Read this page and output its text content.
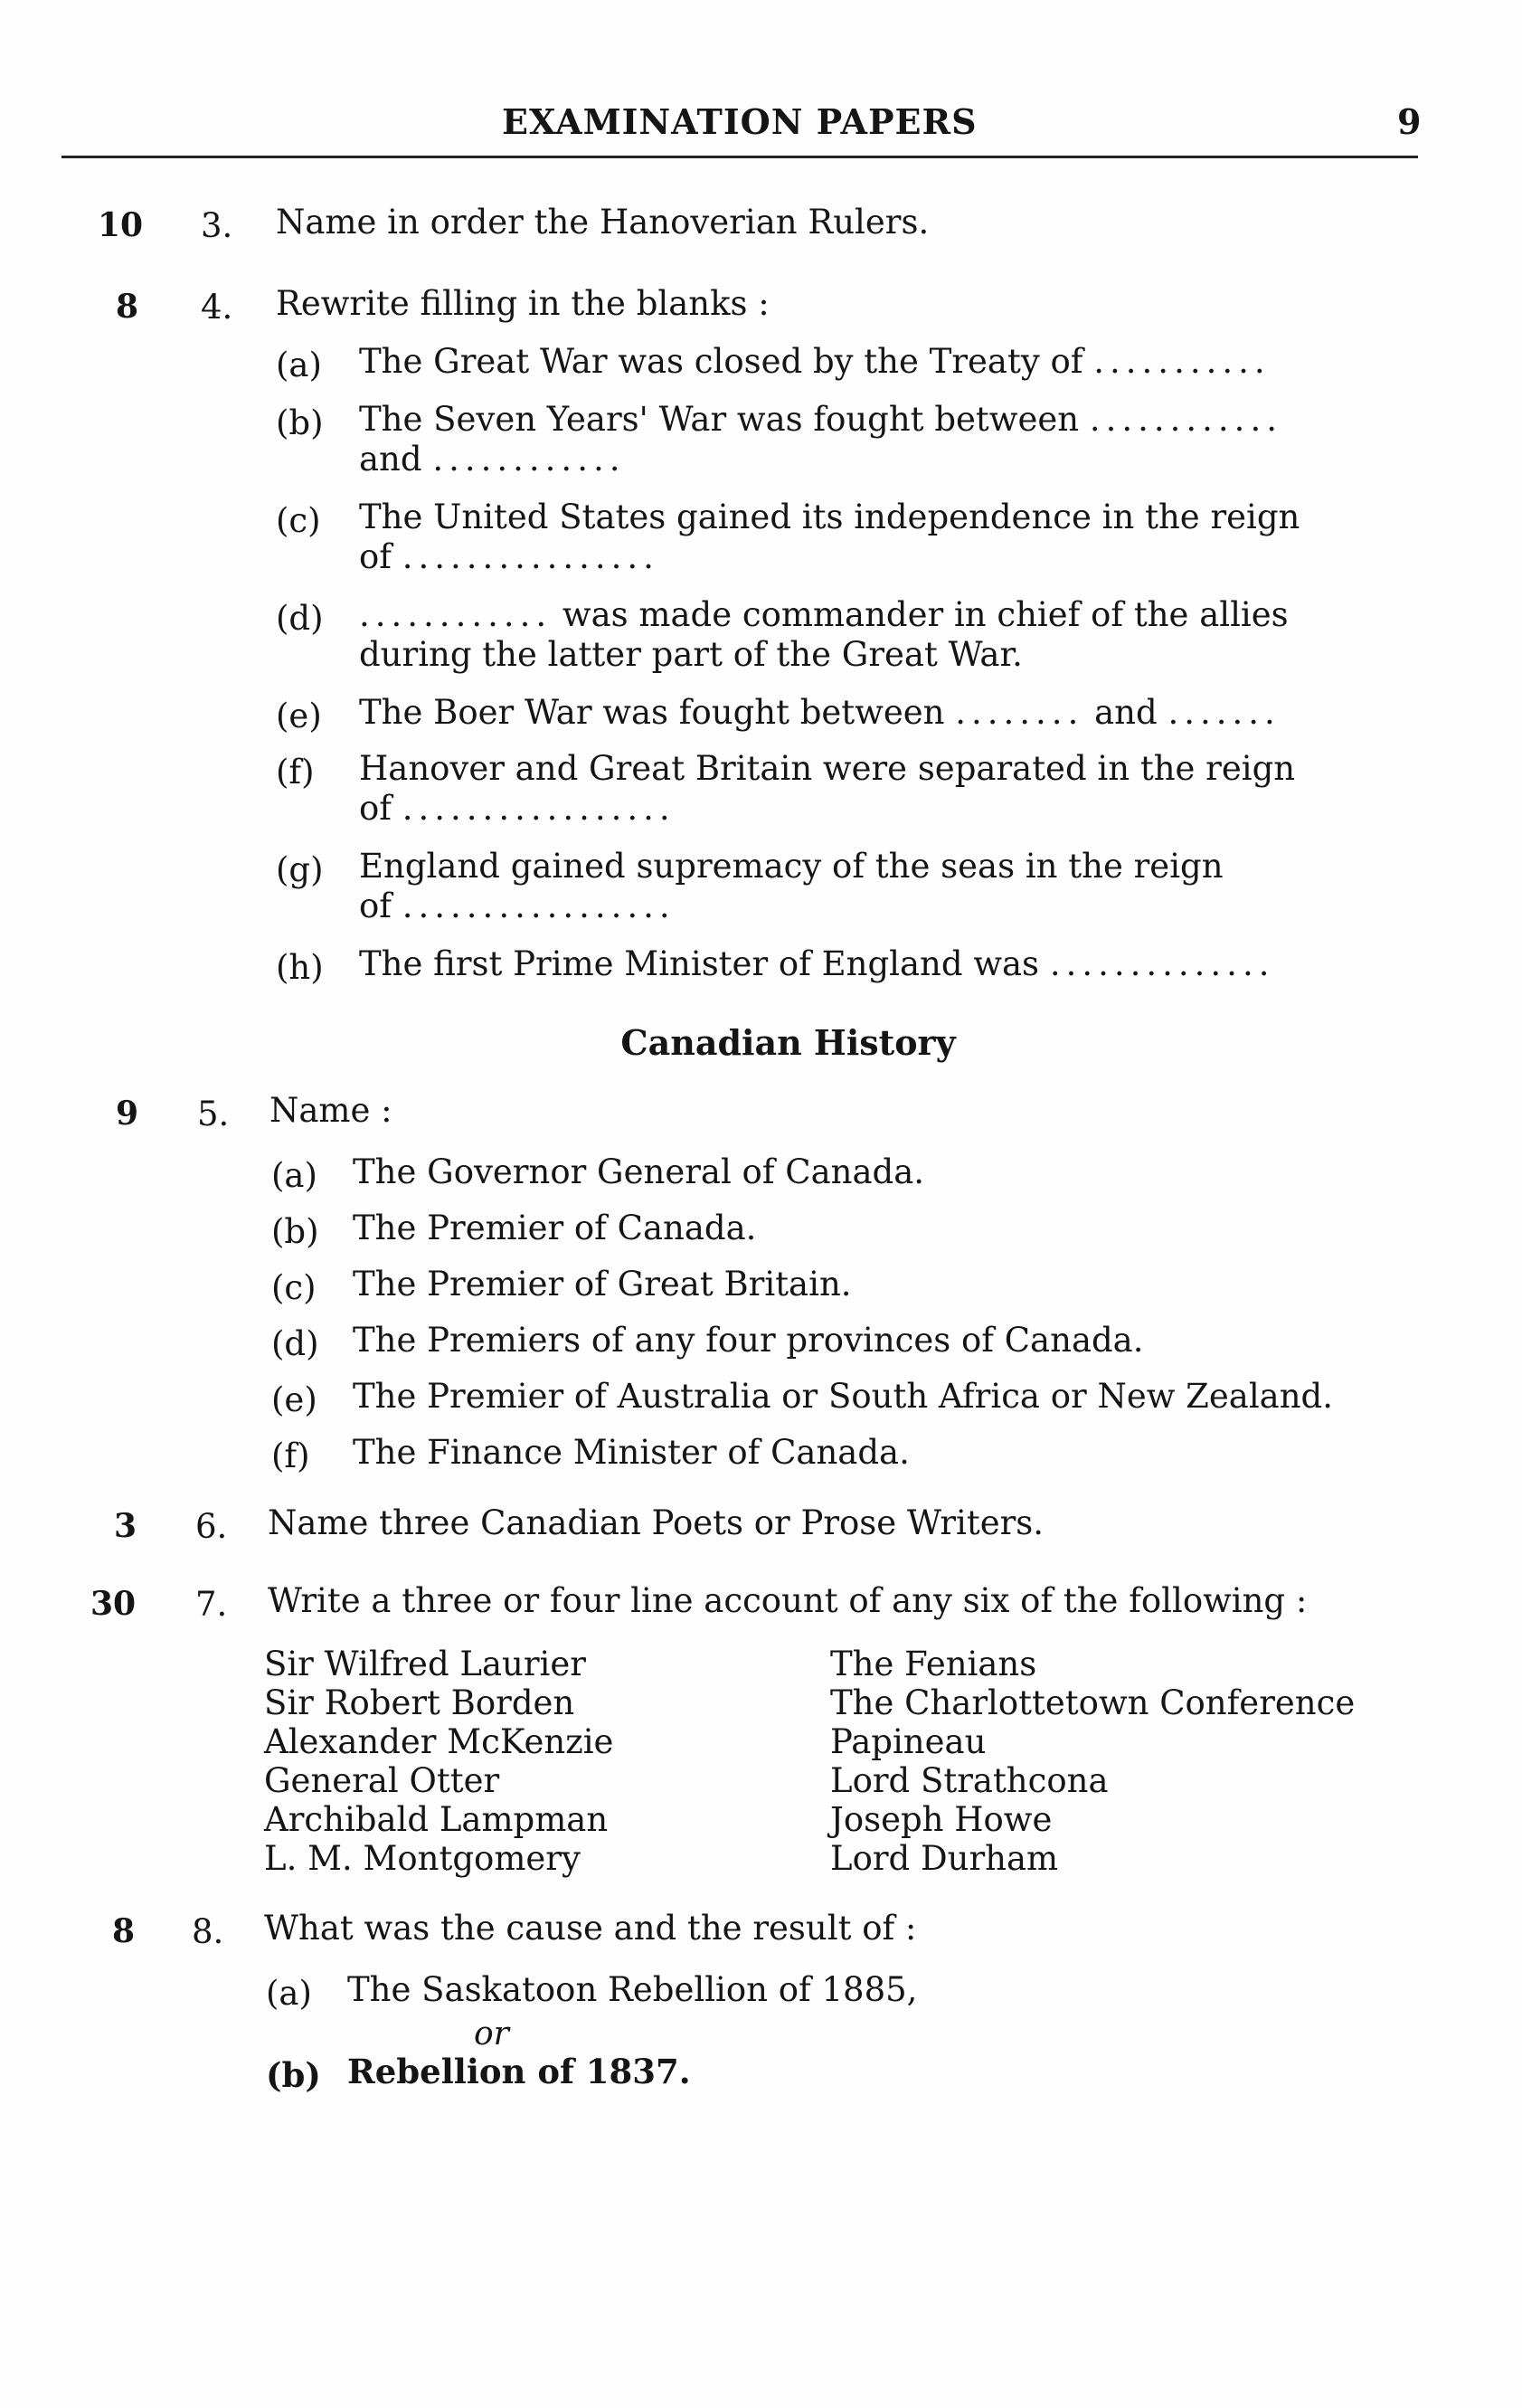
EXAMINATION PAPERS	9
10 3. Name in order the Hanoverian Rulers.
8 4. Rewrite filling in the blanks :
(a) The Great War was closed by the Treaty of ...........
(b) The Seven Years' War was fought between ............
and ............
(c) The United States gained its independence in the reign
of ................
(d) ............ was made commander in chief of the allies
during the latter part of the Great War.
(e) The Boer War was fought between ........ and .......
(f) Hanover and Great Britain were separated in the reign
of .................
(g) England gained supremacy of the seas in the reign
of .................
(h) The first Prime Minister of England was ..............
Canadian History
9 5. Name :
(a) The Governor General of Canada.
(b) The Premier of Canada.
(c) The Premier of Great Britain.
(d) The Premiers of any four provinces of Canada.
(e) The Premier of Australia or South Africa or New Zealand.
(f) The Finance Minister of Canada.
3 6. Name three Canadian Poets or Prose Writers.
30 7. Write a three or four line account of any six of the following :
Sir Wilfred Laurier
Sir Robert Borden
Alexander McKenzie
General Otter
Archibald Lampman
L. M. Montgomery
The Fenians
The Charlottetown Conference
Papineau
Lord Strathcona
Joseph Howe
Lord Durham
8 8. What was the cause and the result of :
(a) The Saskatoon Rebellion of 1885,
or
(b) Rebellion of 1837.
